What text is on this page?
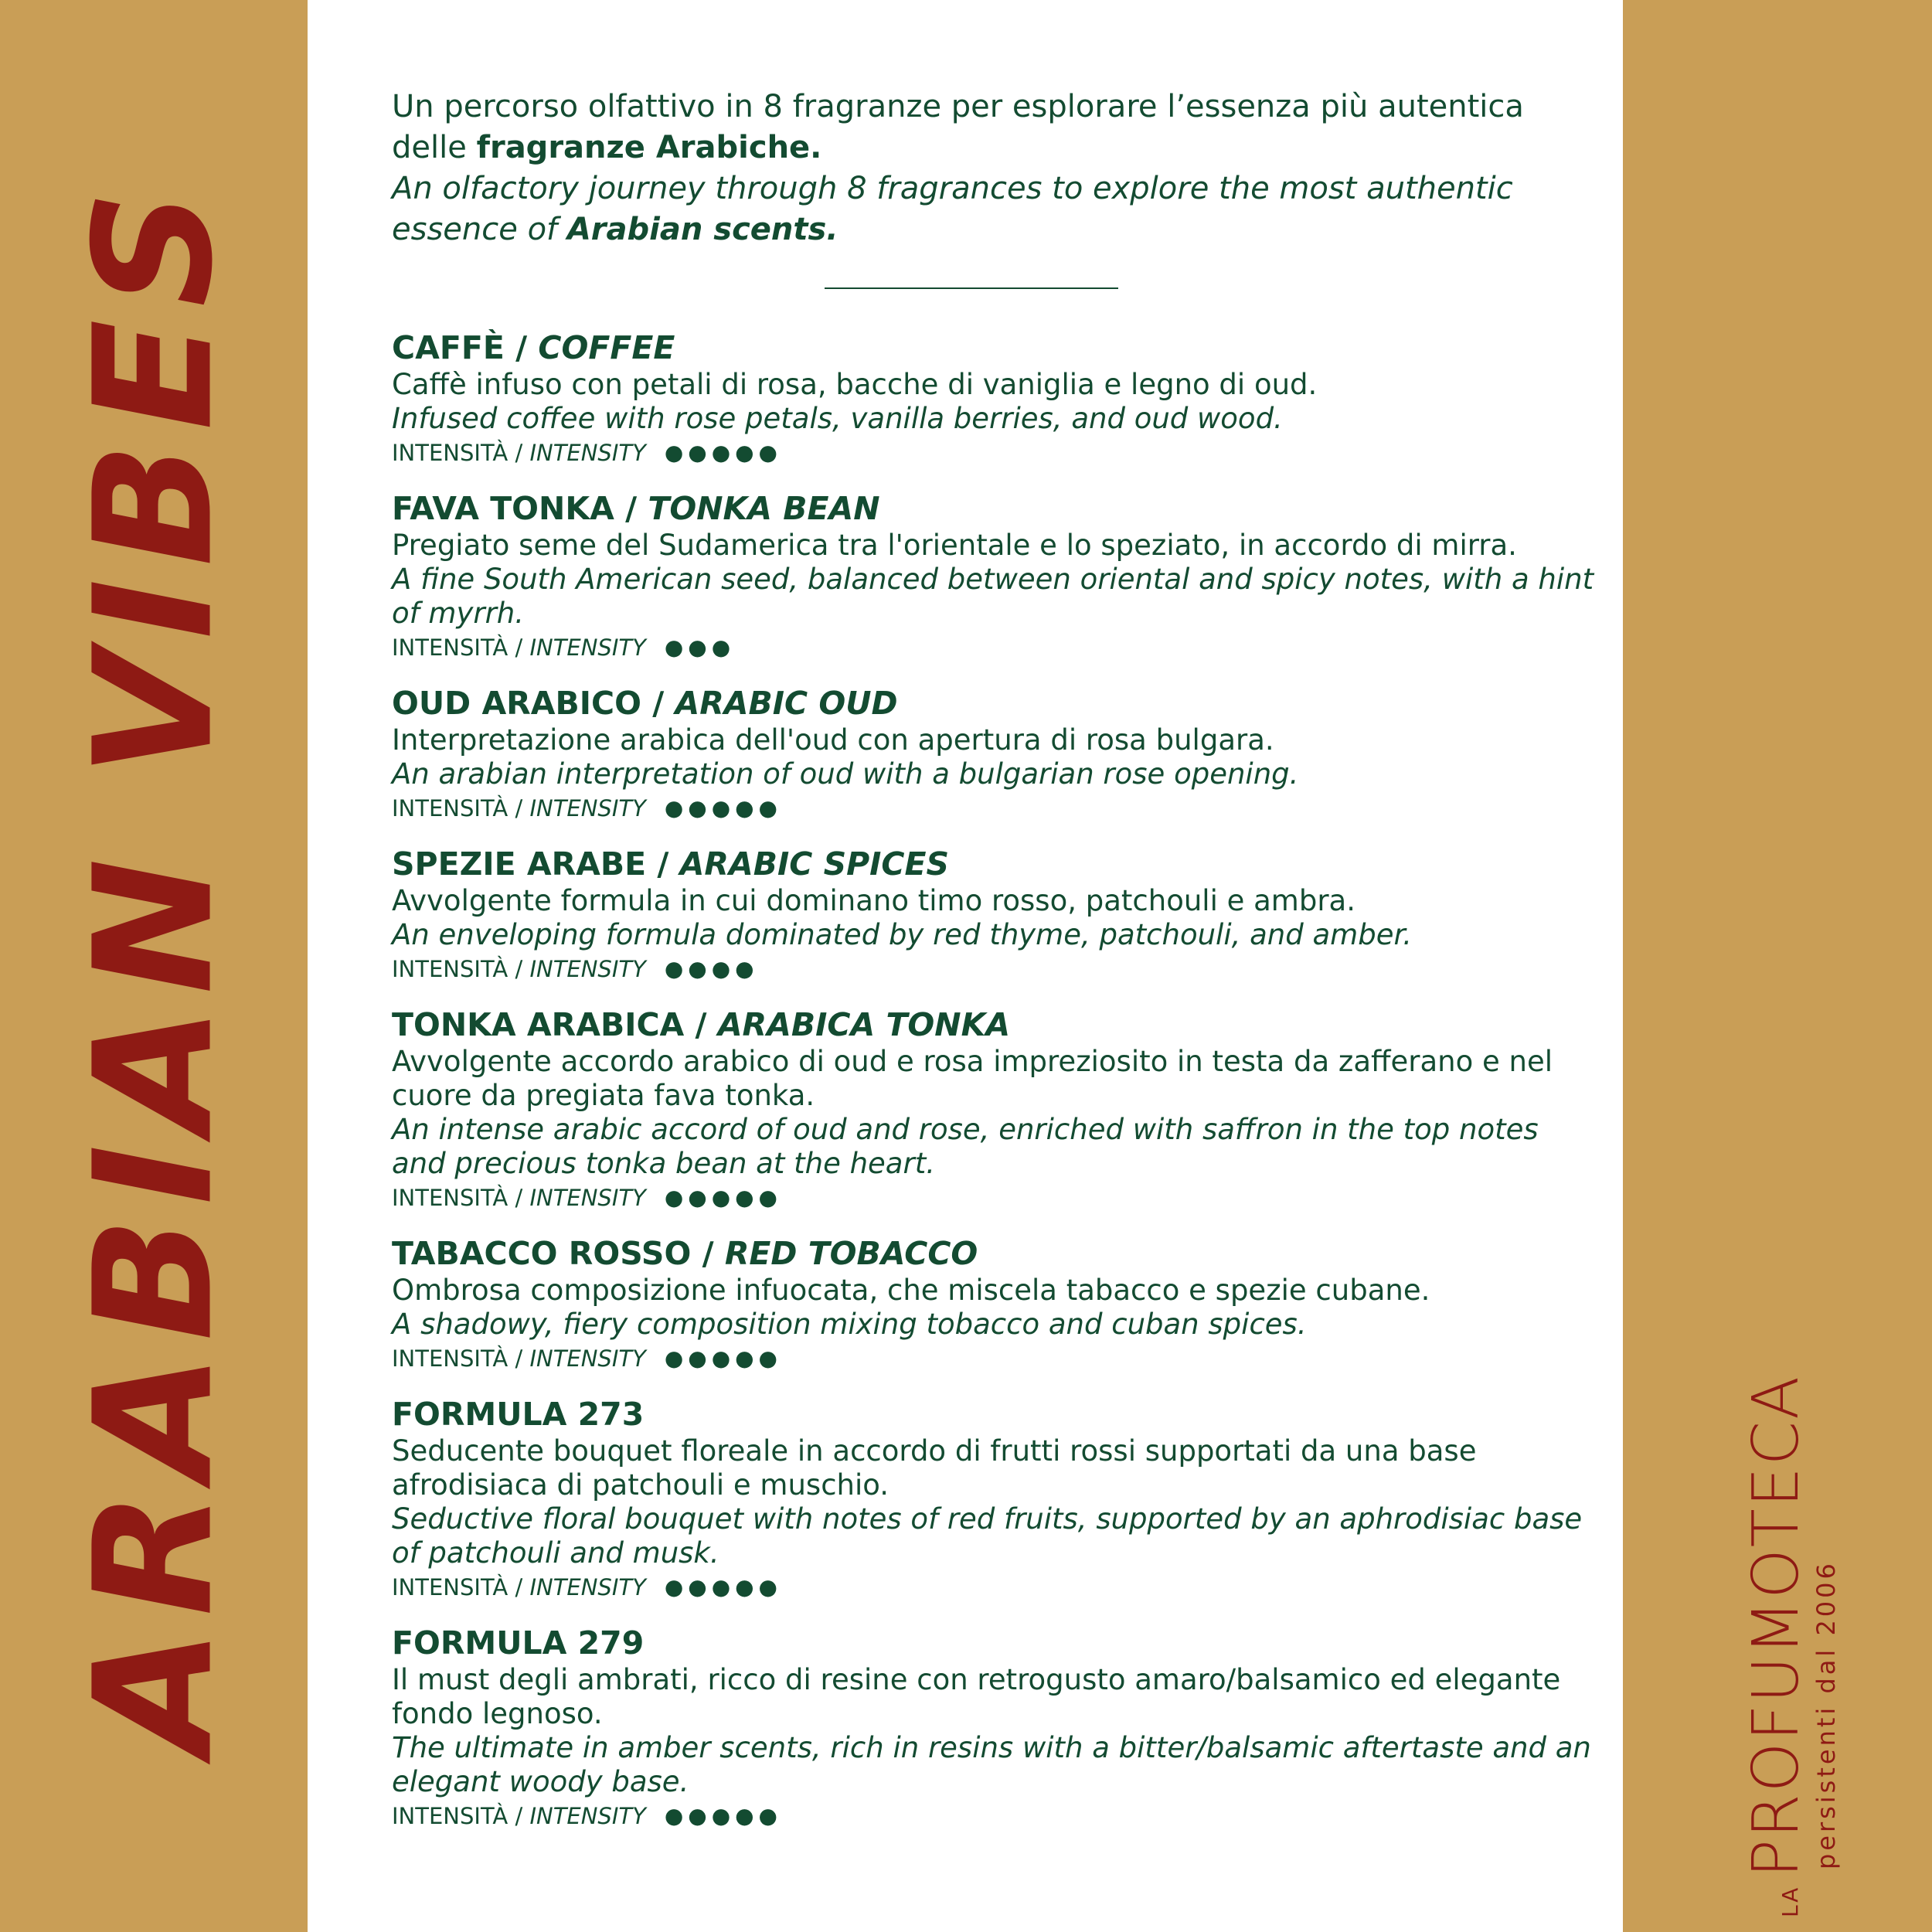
ARABIAN VIBES
LA
PROFUMOTECA
persistenti dal 2006

Un percorso olfattivo in 8 fragranze per esplorare l’essenza più autentica delle fragranze Arabiche.

An olfactory journey through 8 fragrances to explore the most authentic essence of Arabian scents.

CAFFÈ / COFFEE

Caffè infuso con petali di rosa, bacche di vaniglia e legno di oud.

Infused coffee with rose petals, vanilla berries, and oud wood.

INTENSITÀ /
INTENSITY ●●●●●

FAVA TONKA / TONKA BEAN

Pregiato seme del Sudamerica tra l'orientale e lo speziato, in accordo di mirra.

A fine South American seed, balanced between oriental and spicy notes, with a hint of myrrh.

INTENSITÀ /
INTENSITY ●●●

OUD ARABICO / ARABIC OUD

Interpretazione arabica dell'oud con apertura di rosa bulgara.

An arabian interpretation of oud with a bulgarian rose opening.

INTENSITÀ /
INTENSITY ●●●●●

SPEZIE ARABE / ARABIC SPICES

Avvolgente formula in cui dominano timo rosso, patchouli e ambra.

An enveloping formula dominated by red thyme, patchouli, and amber.

INTENSITÀ /
INTENSITY ●●●●

TONKA ARABICA / ARABICA TONKA

Avvolgente accordo arabico di oud e rosa impreziosito in testa da zafferano e nel cuore da pregiata fava tonka.

An intense arabic accord of oud and rose, enriched with saffron in the top notes and precious tonka bean at the heart.

INTENSITÀ /
INTENSITY ●●●●●

TABACCO ROSSO / RED TOBACCO

Ombrosa composizione infuocata, che miscela tabacco e spezie cubane.

A shadowy, fiery composition mixing tobacco and cuban spices.

INTENSITÀ /
INTENSITY ●●●●●

FORMULA 273

Seducente bouquet floreale in accordo di frutti rossi supportati da una base afrodisiaca di patchouli e muschio.

Seductive floral bouquet with notes of red fruits, supported by an aphrodisiac base of patchouli and musk.

INTENSITÀ /
INTENSITY ●●●●●

FORMULA 279

Il must degli ambrati, ricco di resine con retrogusto amaro/balsamico ed elegante fondo legnoso.

The ultimate in amber scents, rich in resins with a bitter/balsamic aftertaste and an elegant woody base.

INTENSITÀ /
INTENSITY ●●●●●
